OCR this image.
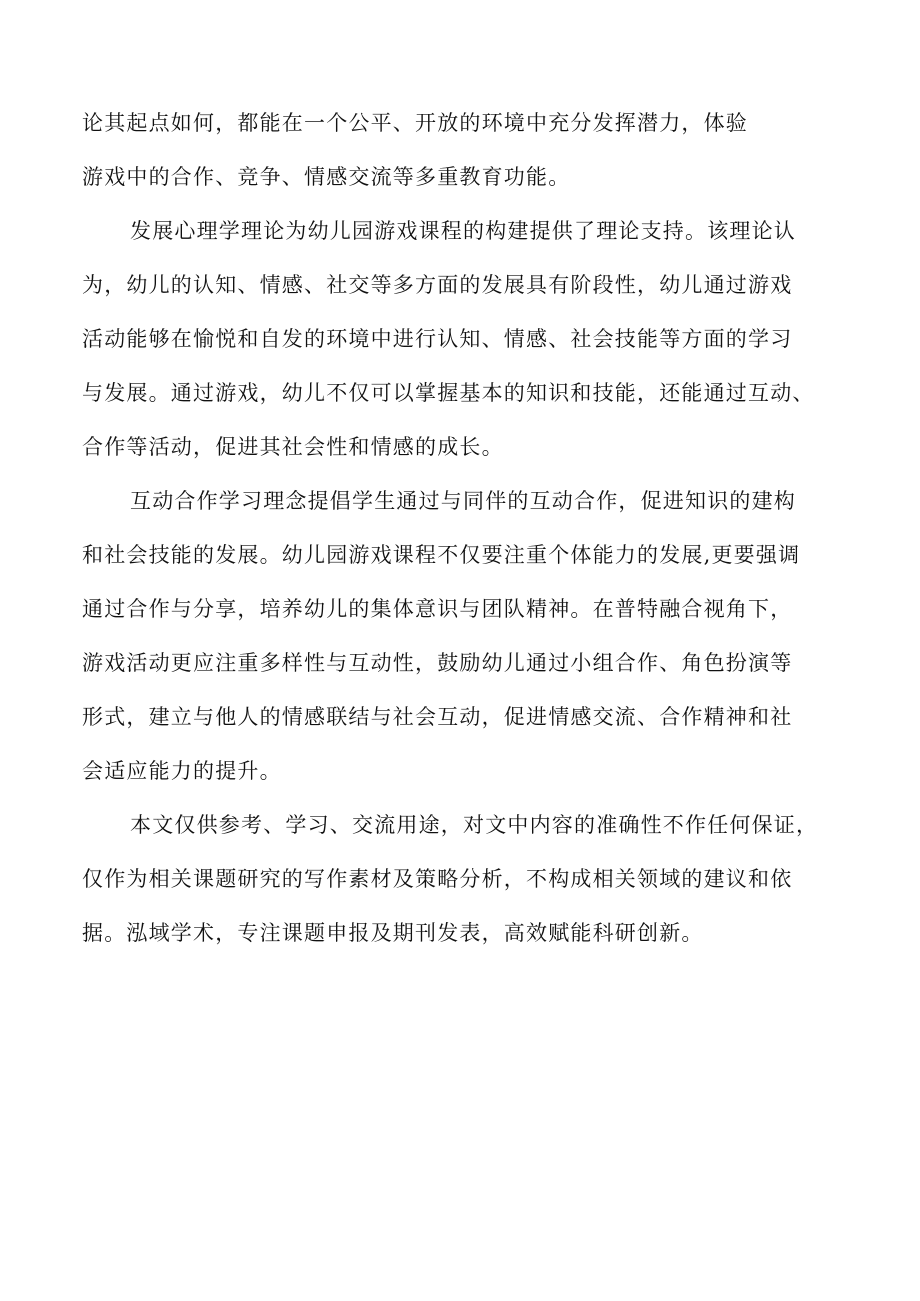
论其起点如何，都能在一个公平、开放的环境中充分发挥潜力，体验
游戏中的合作、竞争、情感交流等多重教育功能。

发展心理学理论为幼儿园游戏课程的构建提供了理论支持。该理论认
为，幼儿的认知、情感、社交等多方面的发展具有阶段性，幼儿通过游戏
活动能够在愉悦和自发的环境中进行认知、情感、社会技能等方面的学习
与发展。通过游戏，幼儿不仅可以掌握基本的知识和技能，还能通过互动、
合作等活动，促进其社会性和情感的成长。

互动合作学习理念提倡学生通过与同伴的互动合作，促进知识的建构
和社会技能的发展。幼儿园游戏课程不仅要注重个体能力的发展,更要强调
通过合作与分享，培养幼儿的集体意识与团队精神。在普特融合视角下，
游戏活动更应注重多样性与互动性，鼓励幼儿通过小组合作、角色扮演等
形式，建立与他人的情感联结与社会互动，促进情感交流、合作精神和社
会适应能力的提升。

本文仅供参考、学习、交流用途，对文中内容的准确性不作任何保证，
仅作为相关课题研究的写作素材及策略分析，不构成相关领域的建议和依
据。泓域学术，专注课题申报及期刊发表，高效赋能科研创新。
